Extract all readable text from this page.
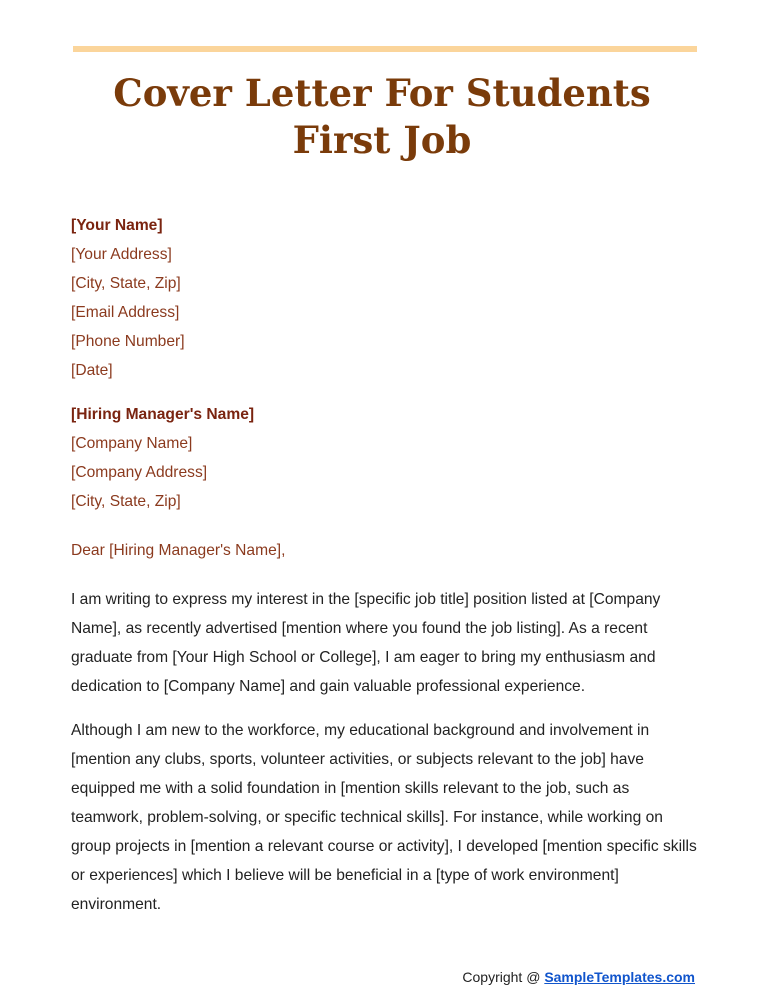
Cover Letter For Students
First Job
[Your Name]
[Your Address]
[City, State, Zip]
[Email Address]
[Phone Number]
[Date]
[Hiring Manager's Name]
[Company Name]
[Company Address]
[City, State, Zip]

Dear [Hiring Manager's Name],

I am writing to express my interest in the [specific job title] position listed at [Company Name], as recently advertised [mention where you found the job listing]. As a recent graduate from [Your High School or College], I am eager to bring my enthusiasm and dedication to [Company Name] and gain valuable professional experience.

Although I am new to the workforce, my educational background and involvement in [mention any clubs, sports, volunteer activities, or subjects relevant to the job] have equipped me with a solid foundation in [mention skills relevant to the job, such as teamwork, problem-solving, or specific technical skills]. For instance, while working on group projects in [mention a relevant course or activity], I developed [mention specific skills or experiences] which I believe will be beneficial in a [type of work environment] environment.

Copyright @ SampleTemplates.com
